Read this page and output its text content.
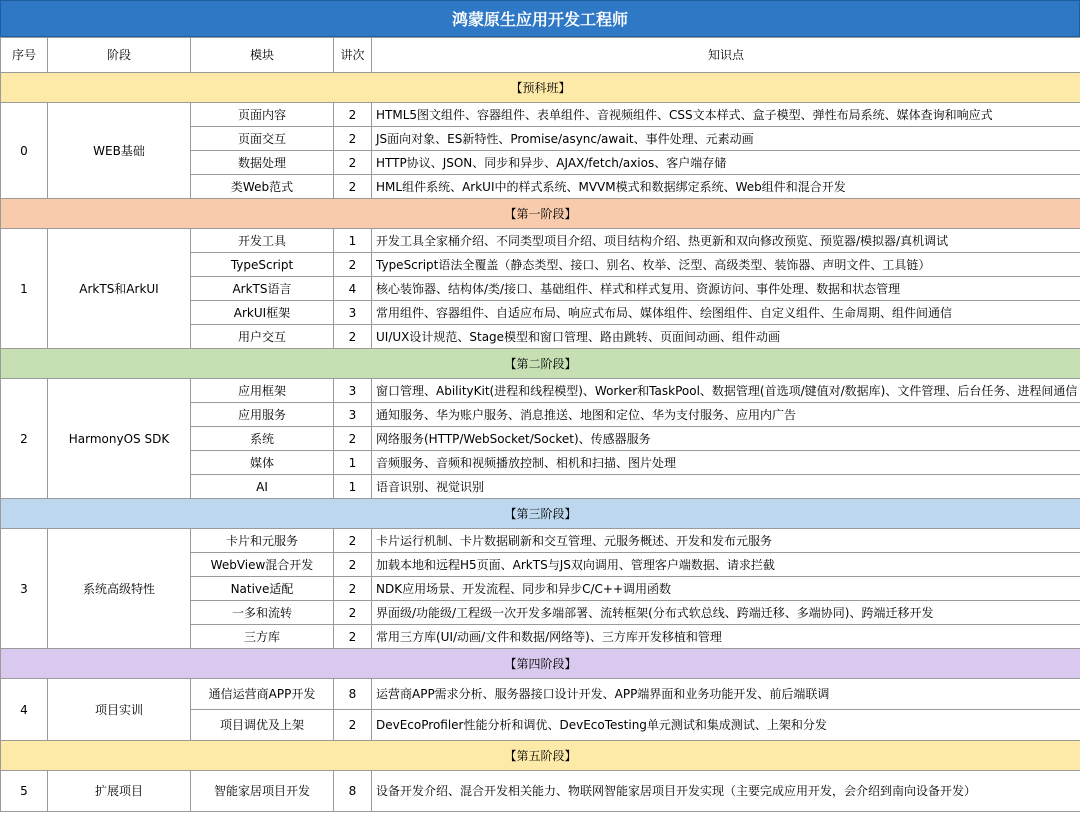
鸿蒙原生应用开发工程师
序号	阶段	模块	讲次	知识点
【预科班】				
0	WEB基础	页面内容	2	HTML5图文组件、容器组件、表单组件、音视频组件、CSS文本样式、盒子模型、弹性布局系统、媒体查询和响应式
		页面交互	2	JS面向对象、ES新特性、Promise/async/await、事件处理、元素动画
		数据处理	2	HTTP协议、JSON、同步和异步、AJAX/fetch/axios、客户端存储
		类Web范式	2	HML组件系统、ArkUI中的样式系统、MVVM模式和数据绑定系统、Web组件和混合开发
【第一阶段】				
1	ArkTS和ArkUI	开发工具	1	开发工具全家桶介绍、不同类型项目介绍、项目结构介绍、热更新和双向修改预览、预览器/模拟器/真机调试
		TypeScript	2	TypeScript语法全覆盖（静态类型、接口、别名、枚举、泛型、高级类型、装饰器、声明文件、工具链）
		ArkTS语言	4	核心装饰器、结构体/类/接口、基础组件、样式和样式复用、资源访问、事件处理、数据和状态管理
		ArkUI框架	3	常用组件、容器组件、自适应布局、响应式布局、媒体组件、绘图组件、自定义组件、生命周期、组件间通信
		用户交互	2	UI/UX设计规范、Stage模型和窗口管理、路由跳转、页面间动画、组件动画
【第二阶段】				
2	HarmonyOS SDK	应用框架	3	窗口管理、AbilityKit(进程和线程模型)、Worker和TaskPool、数据管理(首选项/键值对/数据库)、文件管理、后台任务、进程间通信
		应用服务	3	通知服务、华为账户服务、消息推送、地图和定位、华为支付服务、应用内广告
		系统	2	网络服务(HTTP/WebSocket/Socket)、传感器服务
		媒体	1	音频服务、音频和视频播放控制、相机和扫描、图片处理
		AI	1	语音识别、视觉识别
【第三阶段】				
3	系统高级特性	卡片和元服务	2	卡片运行机制、卡片数据刷新和交互管理、元服务概述、开发和发布元服务
		WebView混合开发	2	加载本地和远程H5页面、ArkTS与JS双向调用、管理客户端数据、请求拦截
		Native适配	2	NDK应用场景、开发流程、同步和异步C/C++调用函数
		一多和流转	2	界面级/功能级/工程级一次开发多端部署、流转框架(分布式软总线、跨端迁移、多端协同)、跨端迁移开发
		三方库	2	常用三方库(UI/动画/文件和数据/网络等)、三方库开发移植和管理
【第四阶段】				
4	项目实训	通信运营商APP开发	8	运营商APP需求分析、服务器接口设计开发、APP端界面和业务功能开发、前后端联调
		项目调优及上架	2	DevEcoProfiler性能分析和调优、DevEcoTesting单元测试和集成测试、上架和分发
【第五阶段】				
5	扩展项目	智能家居项目开发	8	设备开发介绍、混合开发相关能力、物联网智能家居项目开发实现（主要完成应用开发，会介绍到南向设备开发）
